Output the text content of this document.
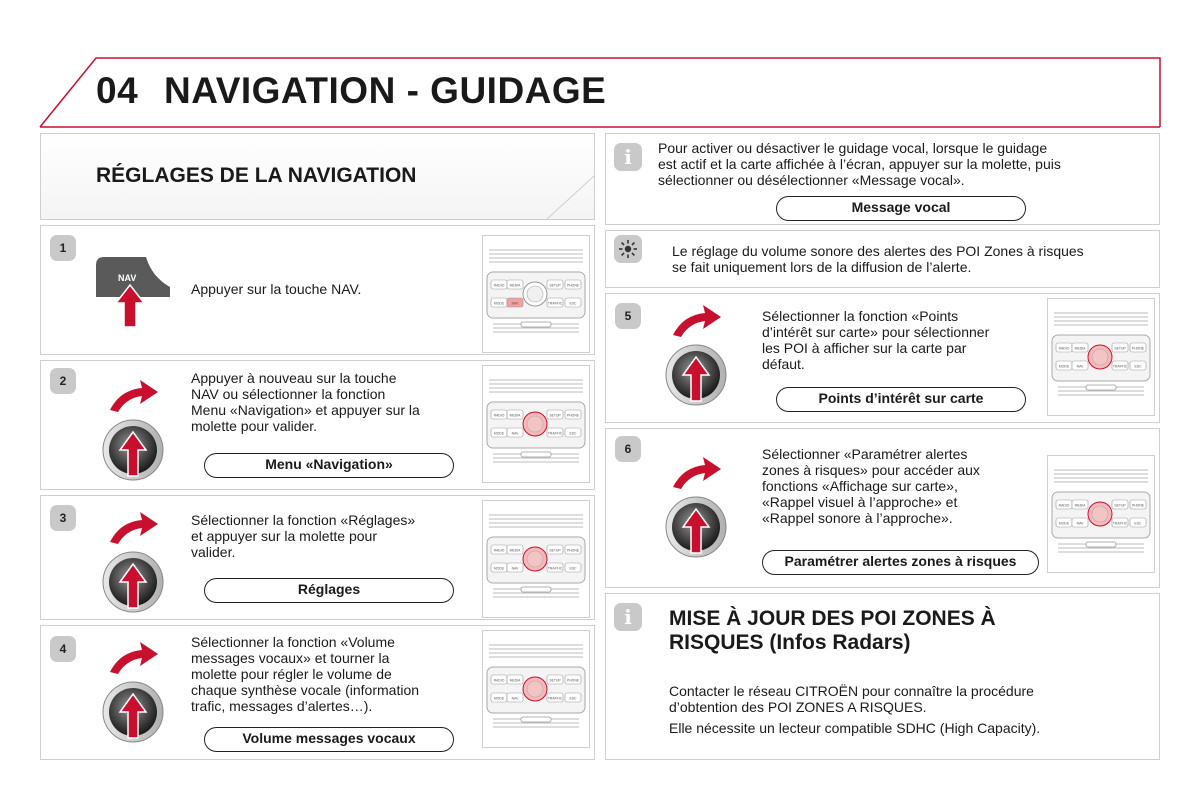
04 NAVIGATION - GUIDAGE
RÉGLAGES DE LA NAVIGATION
1
NAV
Appuyer sur la touche NAV.	RADIO MEDIA	SETUP PHONE
MODE NAV	TRAFFIC ESC
2	Appuyer à nouveau sur la touche
NAV ou sélectionner la fonction
Menu «Navigation» et appuyer sur la
molette pour valider.
Menu «Navigation»
RADIO MEDIA	SETUP PHONE
MODE NAV	TRAFFIC ESC
3	Sélectionner la fonction «Réglages»
et appuyer sur la molette pour
valider.
Réglages
RADIO MEDIA	SETUP PHONE
MODE NAV	TRAFFIC ESC
4	Sélectionner la fonction «Volume
messages vocaux» et tourner la
molette pour régler le volume de
chaque synthèse vocale (information
trafic, messages d’alertes…).
Volume messages vocaux
RADIO MEDIA	SETUP PHONE
MODE NAV	TRAFFIC ESC
i	Pour activer ou désactiver le guidage vocal, lorsque le guidage
est actif et la carte affichée à l’écran, appuyer sur la molette, puis
sélectionner ou désélectionner «Message vocal».
Message vocal
Le réglage du volume sonore des alertes des POI Zones à risques
se fait uniquement lors de la diffusion de l’alerte.
5	Sélectionner la fonction «Points
d’intérêt sur carte» pour sélectionner
les POI à afficher sur la carte par
défaut.
Points d’intérêt sur carte
RADIO MEDIA	SETUP PHONE
MODE NAV	TRAFFIC ESC
6	Sélectionner «Paramétrer alertes
zones à risques» pour accéder aux
fonctions «Affichage sur carte»,
«Rappel visuel à l’approche» et
«Rappel sonore à l’approche».
Paramétrer alertes zones à risques
RADIO MEDIA	SETUP PHONE
MODE NAV	TRAFFIC ESC
i	MISE À JOUR DES POI ZONES À
RISQUES (Infos Radars)
Contacter le réseau CITROËN pour connaître la procédure
d’obtention des POI ZONES A RISQUES.
Elle nécessite un lecteur compatible SDHC (High Capacity).
